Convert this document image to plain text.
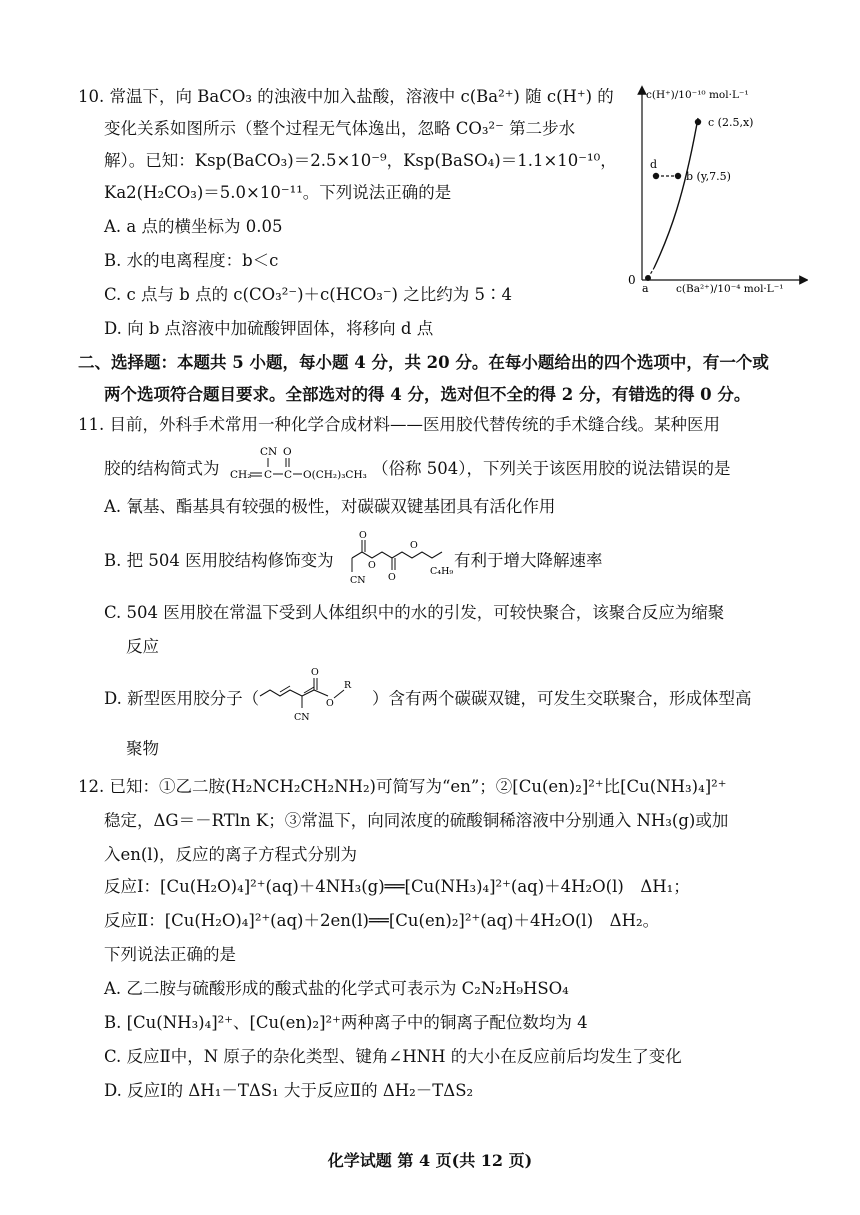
10. 常温下，向 BaCO₃ 的浊液中加入盐酸，溶液中 c(Ba²⁺) 随 c(H⁺) 的
变化关系如图所示（整个过程无气体逸出，忽略 CO₃²⁻ 第二步水
解）。已知：Ksp(BaCO₃)＝2.5×10⁻⁹，Ksp(BaSO₄)＝1.1×10⁻¹⁰，
Ka2(H₂CO₃)＝5.0×10⁻¹¹。下列说法正确的是
A. a 点的横坐标为 0.05
B. 水的电离程度：b＜c
C. c 点与 b 点的 c(CO₃²⁻)＋c(HCO₃⁻) 之比约为 5∶4
D. 向 b 点溶液中加硫酸钾固体，将移向 d 点
c(H⁺)/10⁻¹⁰ mol·L⁻¹
c(Ba²⁺)/10⁻⁴ mol·L⁻¹
0
a
b (y,7.5)
c (2.5,x)
d
二、选择题：本题共 5 小题，每小题 4 分，共 20 分。在每小题给出的四个选项中，有一个或
两个选项符合题目要求。全部选对的得 4 分，选对但不全的得 2 分，有错选的得 0 分。
11. 目前，外科手术常用一种化学合成材料——医用胶代替传统的手术缝合线。某种医用
胶的结构简式为 CH₂ C
CN
C
O
O(CH₂)₃CH₃ （俗称 504），下列关于该医用胶的说法错误的是
A. 氰基、酯基具有较强的极性，对碳碳双键基团具有活化作用
B. 把 504 医用胶结构修饰变为
O
CN
O
O
O
C₄H₉
有利于增大降解速率
C. 504 医用胶在常温下受到人体组织中的水的引发，可较快聚合，该聚合反应为缩聚
反应
D. 新型医用胶分子（
O
O
R
CN
）含有两个碳碳双键，可发生交联聚合，形成体型高
聚物
12. 已知：①乙二胺(H₂NCH₂CH₂NH₂)可简写为“en”；②[Cu(en)₂]²⁺比[Cu(NH₃)₄]²⁺
稳定，ΔG＝－RTln K；③常温下，向同浓度的硫酸铜稀溶液中分别通入 NH₃(g)或加
入en(l)，反应的离子方程式分别为
反应Ⅰ：[Cu(H₂O)₄]²⁺(aq)＋4NH₃(g)══[Cu(NH₃)₄]²⁺(aq)＋4H₂O(l)　ΔH₁；
反应Ⅱ：[Cu(H₂O)₄]²⁺(aq)＋2en(l)══[Cu(en)₂]²⁺(aq)＋4H₂O(l)　ΔH₂。
下列说法正确的是
A. 乙二胺与硫酸形成的酸式盐的化学式可表示为 C₂N₂H₉HSO₄
B. [Cu(NH₃)₄]²⁺、[Cu(en)₂]²⁺两种离子中的铜离子配位数均为 4
C. 反应Ⅱ中，N 原子的杂化类型、键角∠HNH 的大小在反应前后均发生了变化
D. 反应Ⅰ的 ΔH₁－TΔS₁ 大于反应Ⅱ的 ΔH₂－TΔS₂
化学试题 第 4 页(共 12 页)
